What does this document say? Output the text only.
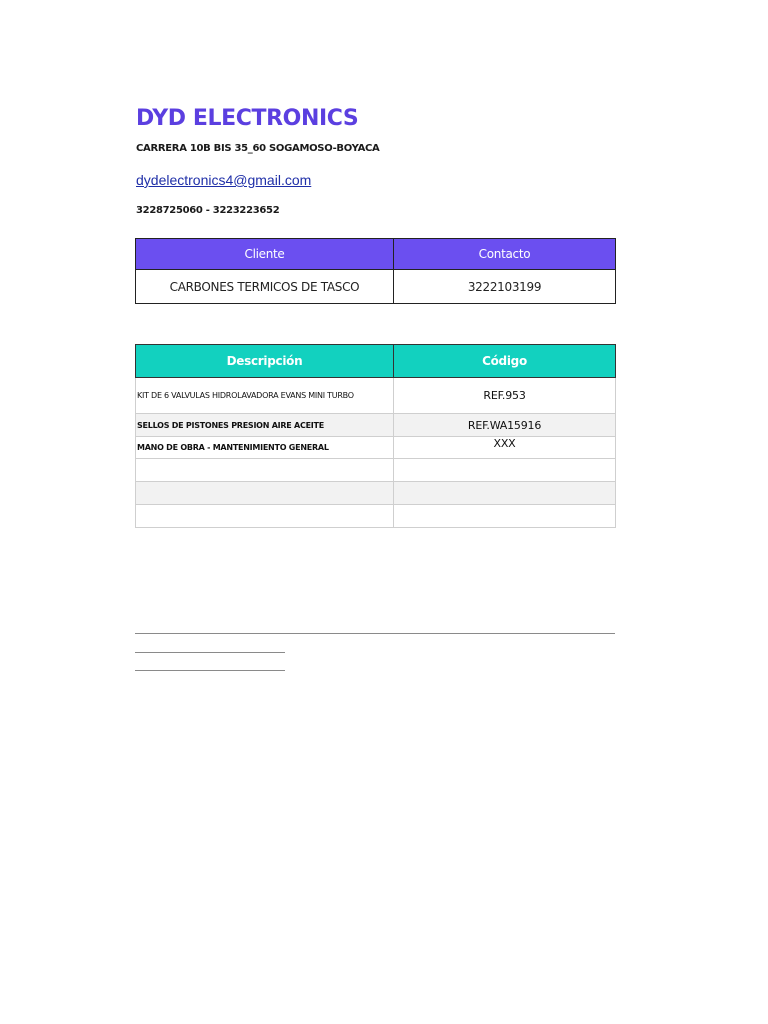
DYD ELECTRONICS
CARRERA 10B BIS 35_60 SOGAMOSO-BOYACA
dydelectronics4@gmail.com
3228725060 - 3223223652
Cliente	Contacto
CARBONES TERMICOS DE TASCO	3222103199
Descripción	Código
KIT DE 6 VALVULAS HIDROLAVADORA EVANS MINI TURBO	REF.953
SELLOS DE PISTONES PRESION AIRE ACEITE	REF.WA15916
MANO DE OBRA - MANTENIMIENTO GENERAL	XXX
